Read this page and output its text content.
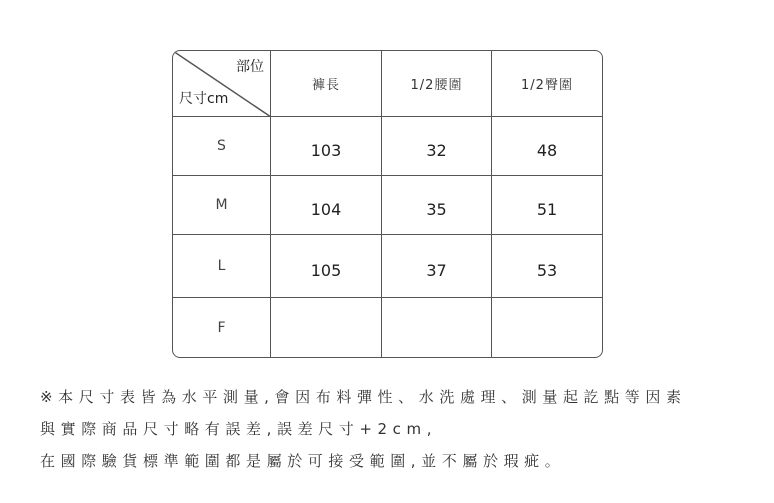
部位
尺寸cm
褲長	1/2腰圍	1/2臀圍
S	103	32	48
M	104	35	51
L	105	37	53
F
※本尺寸表皆為水平測量,會因布料彈性、水洗處理、測量起訖點等因素
與實際商品尺寸略有誤差,誤差尺寸+2cm,
在國際驗貨標準範圍都是屬於可接受範圍,並不屬於瑕疵。
